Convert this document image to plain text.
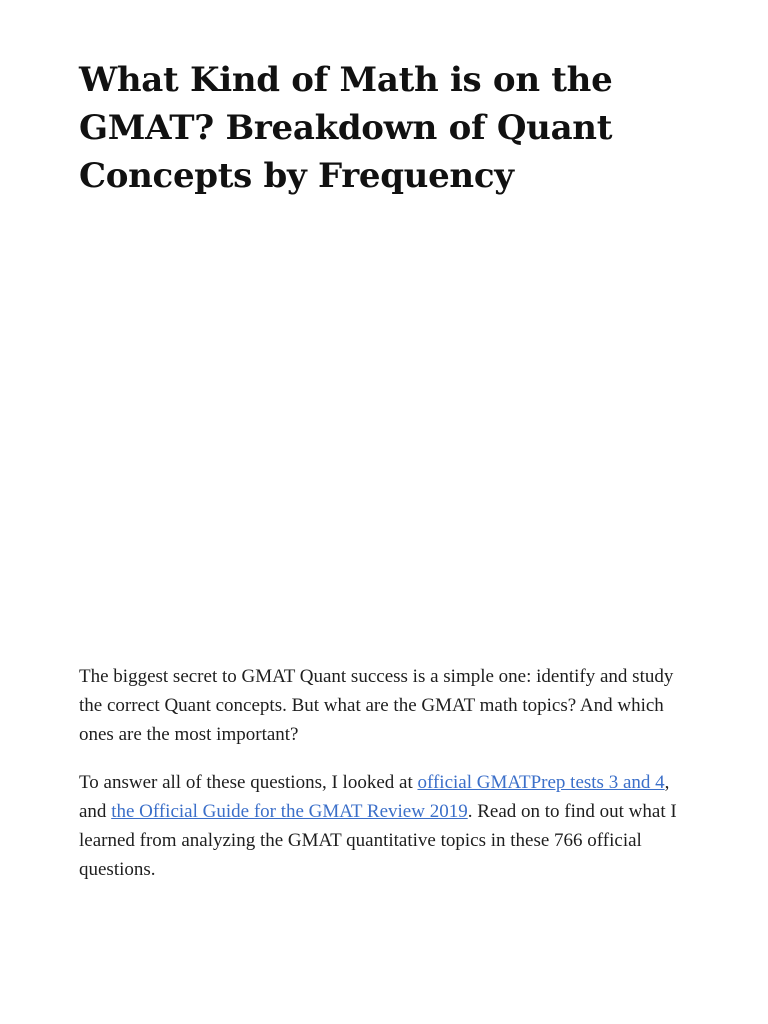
What Kind of Math is on the GMAT? Breakdown of Quant Concepts by Frequency

The biggest secret to GMAT Quant success is a simple one: identify and study the correct Quant concepts. But what are the GMAT math topics? And which ones are the most important?

To answer all of these questions, I looked at official GMATPrep tests 3 and 4, and the Official Guide for the GMAT Review 2019. Read on to find out what I learned from analyzing the GMAT quantitative topics in these 766 official questions.
